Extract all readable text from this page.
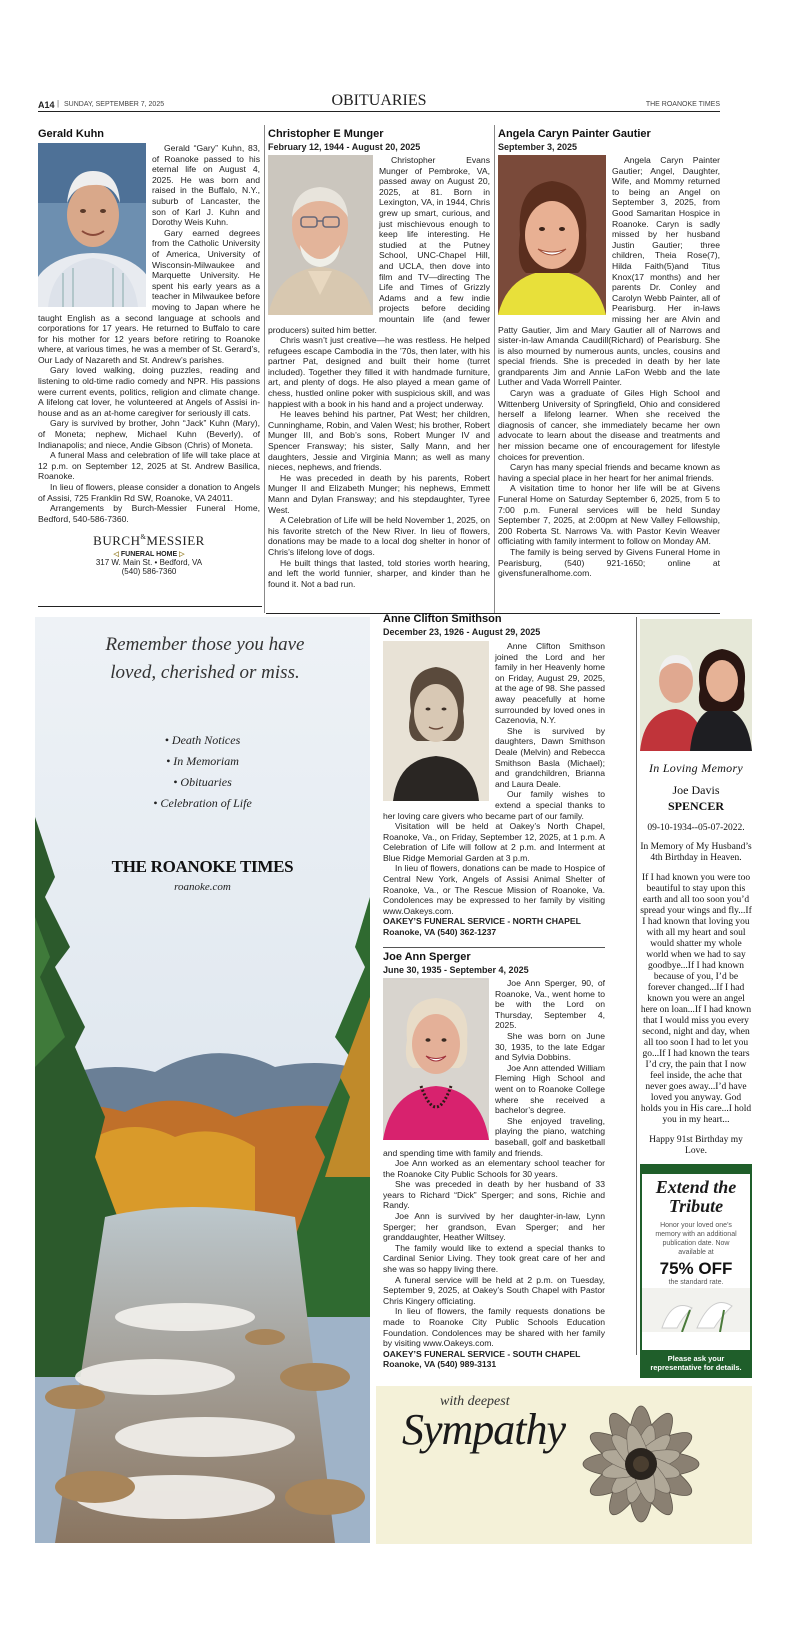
A14 | SUNDAY, SEPTEMBER 7, 2025	OBITUARIES	THE ROANOKE TIMES
Gerald Kuhn
Gerald “Gary” Kuhn, 83, of Roanoke passed to his eternal life on August 4, 2025. He was born and raised in the Buffalo, N.Y., suburb of Lancaster, the son of Karl J. Kuhn and Dorothy Weis Kuhn.
Gary earned degrees from the Catholic University of America, University of Wisconsin-Milwaukee and Marquette University. He spent his early years as a teacher in Milwaukee before moving to Japan where he taught English as a second language at schools and corporations for 17 years. He returned to Buffalo to care for his mother for 12 years before retiring to Roanoke where, at various times, he was a member of St. Gerard’s, Our Lady of Nazareth and St. Andrew’s parishes.
Gary loved walking, doing puzzles, reading and listening to old-time radio comedy and NPR. His passions were current events, politics, religion and climate change. A lifelong cat lover, he volunteered at Angels of Assisi in-house and as an at-home caregiver for seriously ill cats.
Gary is survived by brother, John “Jack” Kuhn (Mary), of Moneta; nephew, Michael Kuhn (Beverly), of Indianapolis; and niece, Andie Gibson (Chris) of Moneta.
A funeral Mass and celebration of life will take place at 12 p.m. on September 12, 2025 at St. Andrew Basilica, Roanoke.
In lieu of flowers, please consider a donation to Angels of Assisi, 725 Franklin Rd SW, Roanoke, VA 24011.
Arrangements by Burch-Messier Funeral Home, Bedford, 540-586-7360.
BURCH&MESSIER
◁ FUNERAL HOME ▷
317 W. Main St. • Bedford, VA
(540) 586-7360
Christopher E Munger
February 12, 1944 - August 20, 2025
Christopher Evans Munger of Pembroke, VA, passed away on August 20, 2025, at 81. Born in Lexington, VA, in 1944, Chris grew up smart, curious, and just mischievous enough to keep life interesting. He studied at the Putney School, UNC-Chapel Hill, and UCLA, then dove into film and TV—directing The Life and Times of Grizzly Adams and a few indie projects before deciding mountain life (and fewer producers) suited him better.
Chris wasn’t just creative—he was restless. He helped refugees escape Cambodia in the ’70s, then later, with his partner Pat, designed and built their home (turret included). Together they filled it with handmade furniture, art, and plenty of dogs. He also played a mean game of chess, hustled online poker with suspicious skill, and was happiest with a book in his hand and a project underway.
He leaves behind his partner, Pat West; her children, Cunninghame, Robin, and Valen West; his brother, Robert Munger III, and Bob’s sons, Robert Munger IV and Spencer Fransway; his sister, Sally Mann, and her daughters, Jessie and Virginia Mann; as well as many nieces, nephews, and friends.
He was preceded in death by his parents, Robert Munger II and Elizabeth Munger; his nephews, Emmett Mann and Dylan Fransway; and his stepdaughter, Tyree West.
A Celebration of Life will be held November 1, 2025, on his favorite stretch of the New River. In lieu of flowers, donations may be made to a local dog shelter in honor of Chris’s lifelong love of dogs.
He built things that lasted, told stories worth hearing, and left the world funnier, sharper, and kinder than he found it. Not a bad run.
Angela Caryn Painter Gautier
September 3, 2025
Angela Caryn Painter Gautier; Angel, Daughter, Wife, and Mommy returned to being an Angel on September 3, 2025, from Good Samaritan Hospice in Roanoke. Caryn is sadly missed by her husband Justin Gautier; three children, Theia Rose(7), Hilda Faith(5)and Titus Knox(17 months) and her parents Dr. Conley and Carolyn Webb Painter, all of Pearisburg. Her in-laws missing her are Alvin and Patty Gautier, Jim and Mary Gautier all of Narrows and sister-in-law Amanda Caudill(Richard) of Pearisburg. She is also mourned by numerous aunts, uncles, cousins and special friends. She is preceded in death by her late grandparents Jim and Annie LaFon Webb and the late Luther and Vada Worrell Painter.
Caryn was a graduate of Giles High School and Wittenberg University of Springfield, Ohio and considered herself a lifelong learner. When she received the diagnosis of cancer, she immediately became her own advocate to learn about the disease and treatments and her mission became one of encouragement for lifestyle choices for prevention.
Caryn has many special friends and became known as having a special place in her heart for her animal friends.
A visitation time to honor her life will be at Givens Funeral Home on Saturday September 6, 2025, from 5 to 7:00 p.m. Funeral services will be held Sunday September 7, 2025, at 2:00pm at New Valley Fellowship, 200 Roberta St. Narrows Va. with Pastor Kevin Weaver officiating with family interment to follow on Monday AM.
The family is being served by Givens Funeral Home in Pearisburg, (540) 921-1650; online at givensfuneralhome.com.
Remember those you have loved, cherished or miss.
• Death Notices
• In Memoriam
• Obituaries
• Celebration of Life
THE ROANOKE TIMES
roanoke.com
Anne Clifton Smithson
December 23, 1926 - August 29, 2025
Anne Clifton Smithson joined the Lord and her family in her Heavenly home on Friday, August 29, 2025, at the age of 98. She passed away peacefully at home surrounded by loved ones in Cazenovia, N.Y.
She is survived by daughters, Dawn Smithson Deale (Melvin) and Rebecca Smithson Basla (Michael); and grandchildren, Brianna and Laura Deale.
Our family wishes to extend a special thanks to her loving care givers who became part of our family.
Visitation will be held at Oakey’s North Chapel, Roanoke, Va., on Friday, September 12, 2025, at 1 p.m. A Celebration of Life will follow at 2 p.m. and Interment at Blue Ridge Memorial Garden at 3 p.m.
In lieu of flowers, donations can be made to Hospice of Central New York, Angels of Assisi Animal Shelter of Roanoke, Va., or The Rescue Mission of Roanoke, Va. Condolences may be expressed to her family by visiting www.Oakeys.com.
OAKEY’S FUNERAL SERVICE - NORTH CHAPEL
Roanoke, VA (540) 362-1237
Joe Ann Sperger
June 30, 1935 - September 4, 2025
Joe Ann Sperger, 90, of Roanoke, Va., went home to be with the Lord on Thursday, September 4, 2025.
She was born on June 30, 1935, to the late Edgar and Sylvia Dobbins.
Joe Ann attended William Fleming High School and went on to Roanoke College where she received a bachelor’s degree.
She enjoyed traveling, playing the piano, watching baseball, golf and basketball and spending time with family and friends.
Joe Ann worked as an elementary school teacher for the Roanoke City Public Schools for 30 years.
She was preceded in death by her husband of 33 years to Richard “Dick” Sperger; and sons, Richie and Randy.
Joe Ann is survived by her daughter-in-law, Lynn Sperger; her grandson, Evan Sperger; and her granddaughter, Heather Wiltsey.
The family would like to extend a special thanks to Cardinal Senior Living. They took great care of her and she was so happy living there.
A funeral service will be held at 2 p.m. on Tuesday, September 9, 2025, at Oakey’s South Chapel with Pastor Chris Kingery officiating.
In lieu of flowers, the family requests donations be made to Roanoke City Public Schools Education Foundation. Condolences may be shared with her family by visiting www.Oakeys.com.
OAKEY’S FUNERAL SERVICE - SOUTH CHAPEL
Roanoke, VA (540) 989-3131
In Loving Memory
Joe Davis
SPENCER
09-10-1934--05-07-2022.
In Memory of My Husband’s 4th Birthday in Heaven.
If I had known you were too beautiful to stay upon this earth and all too soon you’d spread your wings and fly...If I had known that loving you with all my heart and soul would shatter my whole world when we had to say goodbye...If I had known because of you, I’d be forever changed...If I had known you were an angel here on loan...If I had known that I would miss you every second, night and day, when all too soon I had to let you go...If I had known the tears I’d cry, the pain that I now feel inside, the ache that never goes away...I’d have loved you anyway. God holds you in His care...I hold you in my heart...
Happy 91st Birthday my Love.
Extend the Tribute
Honor your loved one’s memory with an additional publication date. Now available at
75% OFF
the standard rate.
Please ask your representative for details.
with deepest
Sympathy
